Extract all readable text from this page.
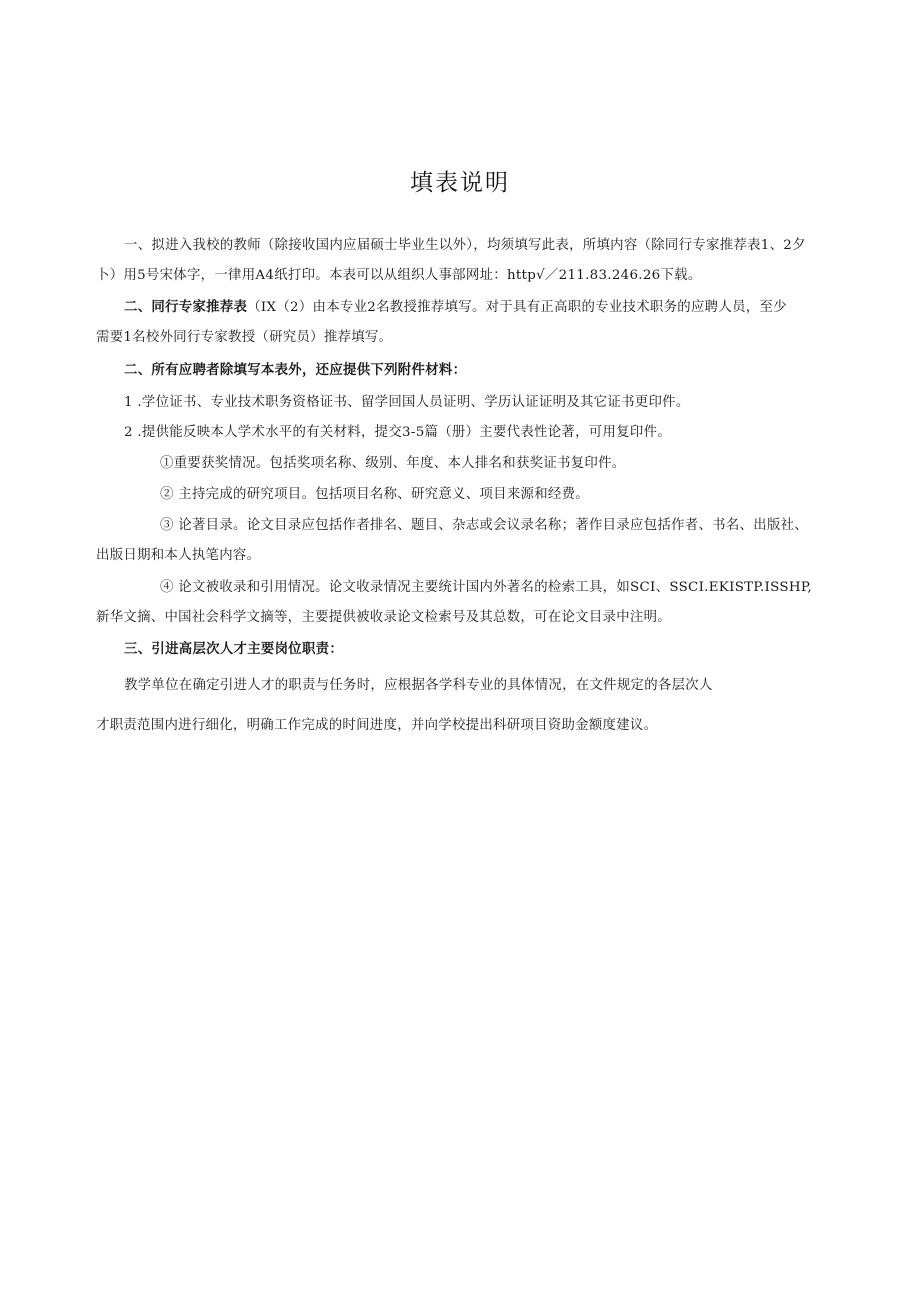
填表说明
一、拟进入我校的教师（除接收国内应届硕士毕业生以外），均须填写此表，所填内容（除同行专家推荐表1、2夕
卜）用5号宋体字，一律用A4纸打印。本表可以从组织人事部网址：http√／211.83.246.26下载。
二、同行专家推荐表（IX（2）由本专业2名教授推荐填写。对于具有正高职的专业技术职务的应聘人员，至少
需要1名校外同行专家教授（研究员）推荐填写。
二、所有应聘者除填写本表外，还应提供下列附件材料：
1 .学位证书、专业技术职务资格证书、留学回国人员证明、学历认证证明及其它证书更印件。
2 .提供能反映本人学术水平的有关材料，提交3-5篇（册）主要代表性论著，可用复印件。
①重要获奖情况。包括奖项名称、级别、年度、本人排名和获奖证书复印件。
② 主持完成的研究项目。包括项目名称、研究意义、项目来源和经费。
③ 论著目录。论文目录应包括作者排名、题目、杂志或会议录名称；著作目录应包括作者、书名、出版社、
出版日期和本人执笔内容。
④ 论文被收录和引用情况。论文收录情况主要统计国内外著名的检索工具，如SCI、SSCI.EKISTP.ISSHP,
新华文摘、中国社会科学文摘等，主要提供被收录论文检索号及其总数，可在论文目录中注明。
三、引进高层次人才主要岗位职责：
教学单位在确定引进人才的职责与任务时，应根据各学科专业的具体情况，在文件规定的各层次人
才职责范围内进行细化，明确工作完成的时间进度，并向学校提出科研项目资助金额度建议。
